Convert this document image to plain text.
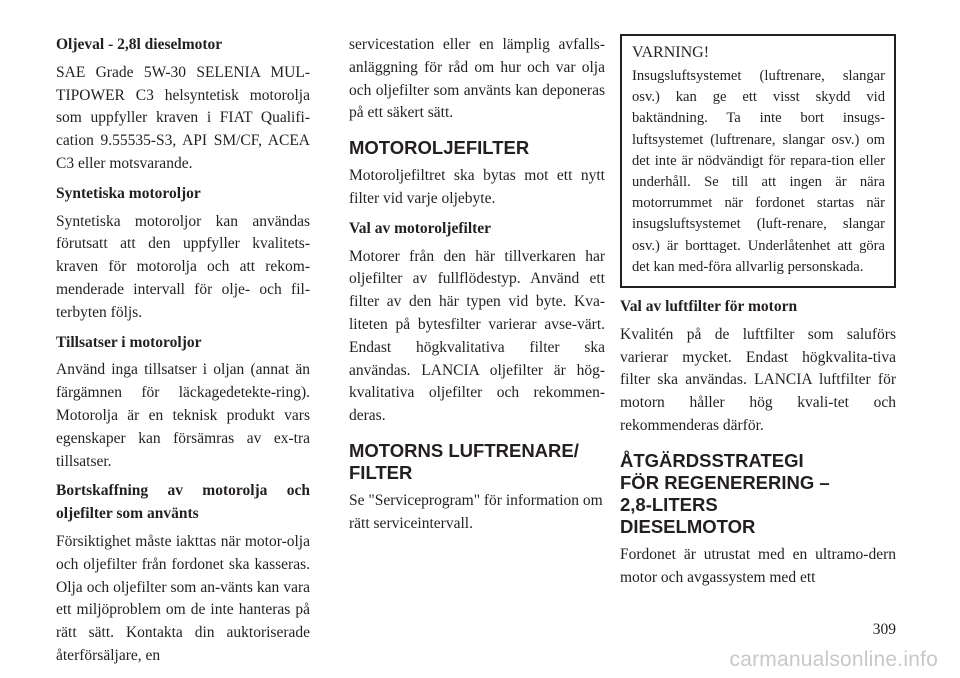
Oljeval - 2,8l dieselmotor

SAE Grade 5W-30 SELENIA MUL-TIPOWER C3 helsyntetisk motorolja som uppfyller kraven i FIAT Qualifi-cation 9.55535-S3, API SM/CF, ACEA C3 eller motsvarande.

Syntetiska motoroljor

Syntetiska motoroljor kan användas förutsatt att den uppfyller kvalitets-kraven för motorolja och att rekom-menderade intervall för olje- och fil-terbyten följs.

Tillsatser i motoroljor

Använd inga tillsatser i oljan (annat än färgämnen för läckagedetekte-ring). Motorolja är en teknisk produkt vars egenskaper kan försämras av ex-tra tillsatser.

Bortskaffning av motorolja och oljefilter som använts

Försiktighet måste iakttas när motor-olja och oljefilter från fordonet ska kasseras. Olja och oljefilter som an-vänts kan vara ett miljöproblem om de inte hanteras på rätt sätt. Kontakta din auktoriserade återförsäljare, en

servicestation eller en lämplig avfalls-anläggning för råd om hur och var olja och oljefilter som använts kan deponeras på ett säkert sätt.

MOTOROLJEFILTER

Motoroljefiltret ska bytas mot ett nytt filter vid varje oljebyte.

Val av motoroljefilter

Motorer från den här tillverkaren har oljefilter av fullflödestyp. Använd ett filter av den här typen vid byte. Kva-liteten på bytesfilter varierar avse-värt. Endast högkvalitativa filter ska användas. LANCIA oljefilter är hög-kvalitativa oljefilter och rekommen-deras.

MOTORNS LUFTRENARE/ FILTER

Se "Serviceprogram" för information om rätt serviceintervall.

VARNING!

Insugsluftsystemet (luftrenare, slangar osv.) kan ge ett visst skydd vid baktändning. Ta inte bort insugs-luftsystemet (luftrenare, slangar osv.) om det inte är nödvändigt för repara-tion eller underhåll. Se till att ingen är nära motorrummet när fordonet startas när insugsluftsystemet (luft-renare, slangar osv.) är borttaget. Underlåtenhet att göra det kan med-föra allvarlig personskada.

Val av luftfilter för motorn

Kvalitén på de luftfilter som saluförs varierar mycket. Endast högkvalita-tiva filter ska användas. LANCIA luftfilter för motorn håller hög kvali-tet och rekommenderas därför.

ÅTGÄRDSSTRATEGI FÖR REGENERERING – 2,8-LITERS DIESELMOTOR

Fordonet är utrustat med en ultramo-dern motor och avgassystem med ett

309
carmanualsonline.info
